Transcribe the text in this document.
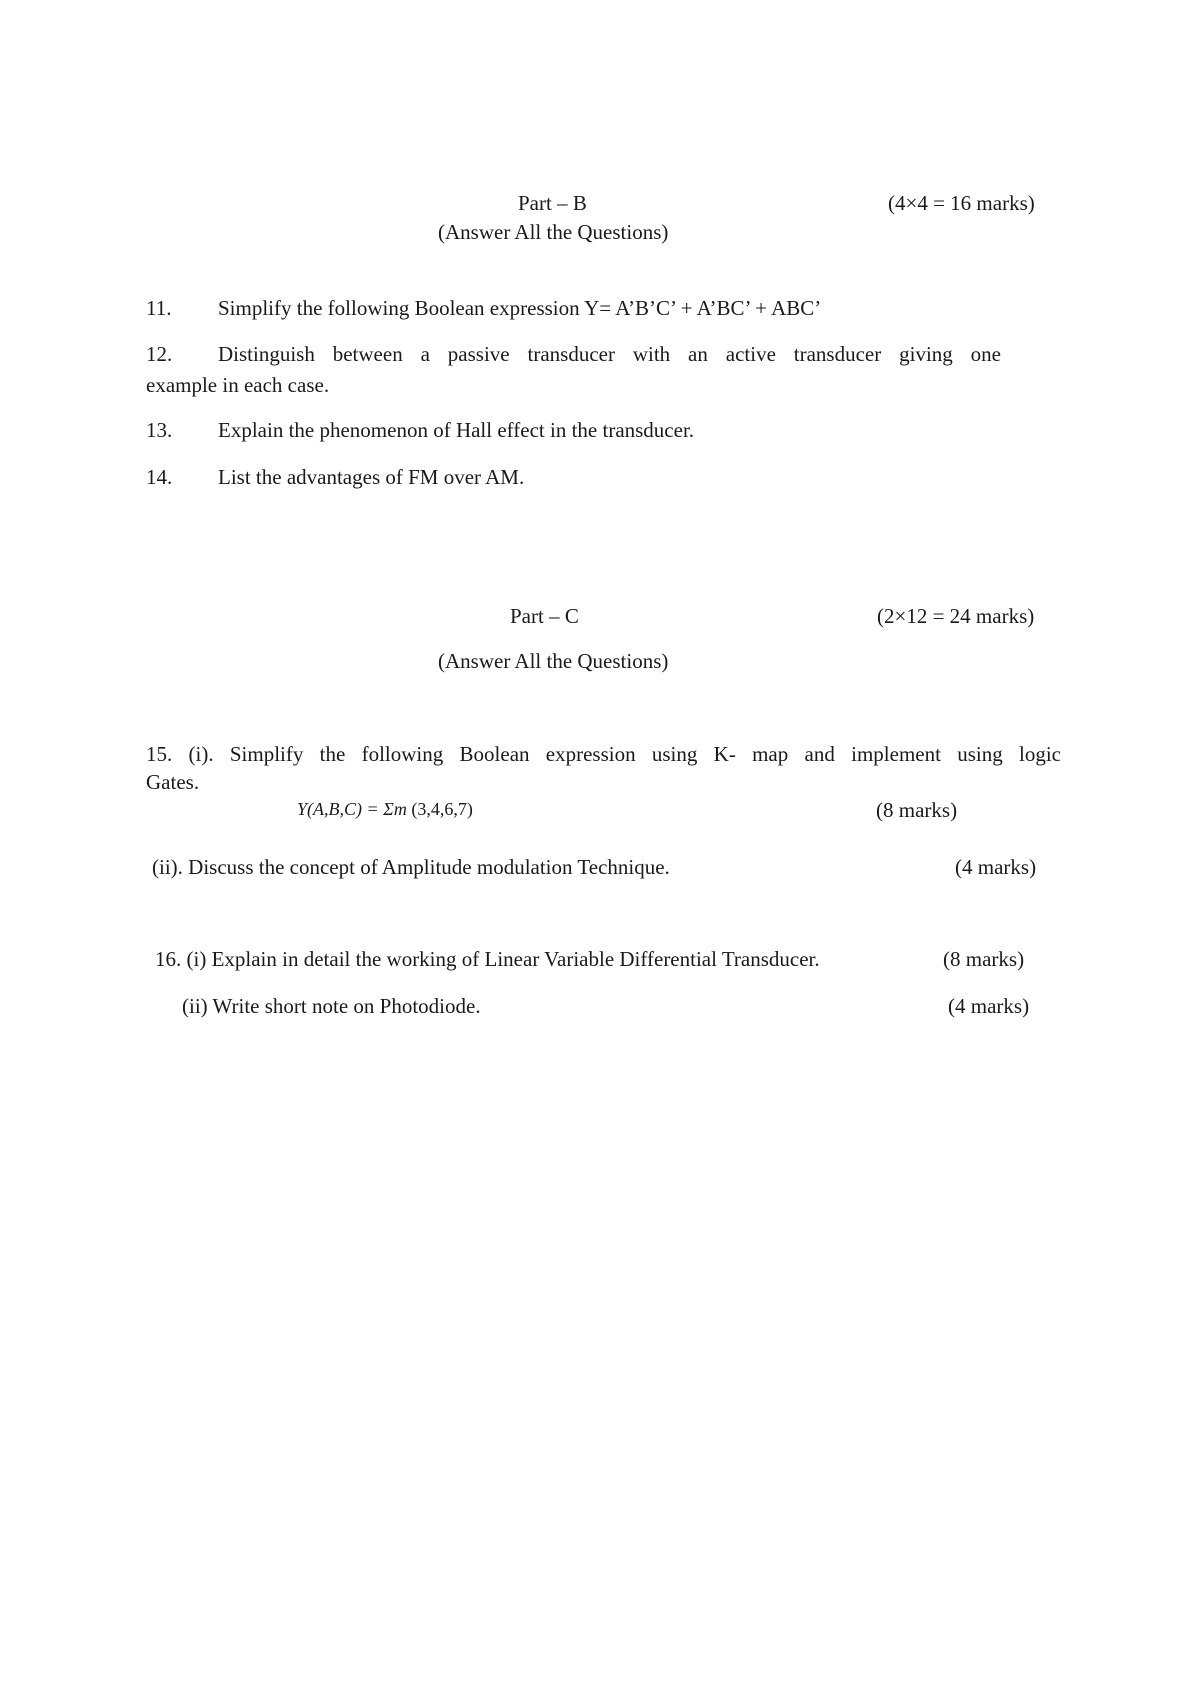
Part – B	(4×4 = 16 marks)
(Answer All the Questions)
11. Simplify the following Boolean expression Y= A’B’C’ + A’BC’ + ABC’
12. Distinguish between a passive transducer with an active transducer giving one
example in each case.
13. Explain the phenomenon of Hall effect in the transducer.
14. List the advantages of FM over AM.
Part – C	(2×12 = 24 marks)
(Answer All the Questions)
15. (i). Simplify the following Boolean expression using K- map and implement using logic
Gates.
Y(A,B,C) = Σm (3,4,6,7)	(8 marks)
(ii). Discuss the concept of Amplitude modulation Technique.	(4 marks)
16. (i) Explain in detail the working of Linear Variable Differential Transducer.	(8 marks)
(ii) Write short note on Photodiode.	(4 marks)
